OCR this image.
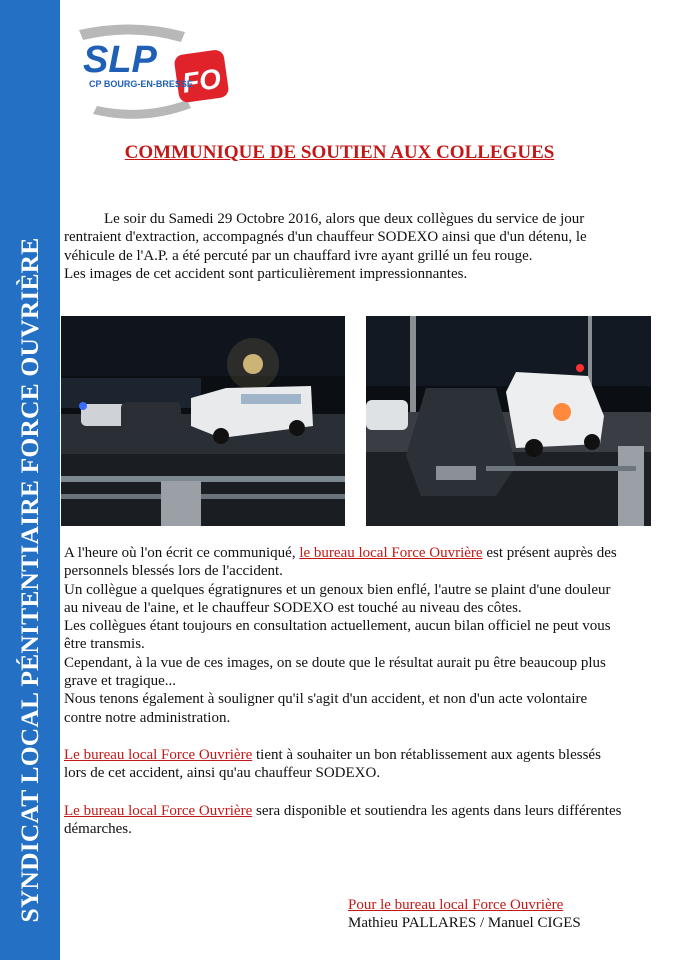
SYNDICAT LOCAL PÉNITENTIAIRE FORCE OUVRIÈRE
SLP FO
CP BOURG-EN-BRESSE
COMMUNIQUE DE SOUTIEN AUX COLLEGUES
Le soir du Samedi 29 Octobre 2016, alors que deux collègues du service de jour rentraient d'extraction, accompagnés d'un chauffeur SODEXO ainsi que d'un détenu, le véhicule de l'A.P. a été percuté par un chauffard ivre ayant grillé un feu rouge.
Les images de cet accident sont particulièrement impressionnantes.
A l'heure où l'on écrit ce communiqué, le bureau local Force Ouvrière est présent auprès des personnels blessés lors de l'accident.
Un collègue a quelques égratignures et un genoux bien enflé, l'autre se plaint d'une douleur au niveau de l'aine, et le chauffeur SODEXO est touché au niveau des côtes.
Les collègues étant toujours en consultation actuellement, aucun bilan officiel ne peut vous être transmis.
Cependant, à la vue de ces images, on se doute que le résultat aurait pu être beaucoup plus grave et tragique...
Nous tenons également à souligner qu'il s'agit d'un accident, et non d'un acte volontaire contre notre administration.
Le bureau local Force Ouvrière tient à souhaiter un bon rétablissement aux agents blessés lors de cet accident, ainsi qu'au chauffeur SODEXO.
Le bureau local Force Ouvrière sera disponible et soutiendra les agents dans leurs différentes démarches.
Pour le bureau local Force Ouvrière
Mathieu PALLARES / Manuel CIGES
